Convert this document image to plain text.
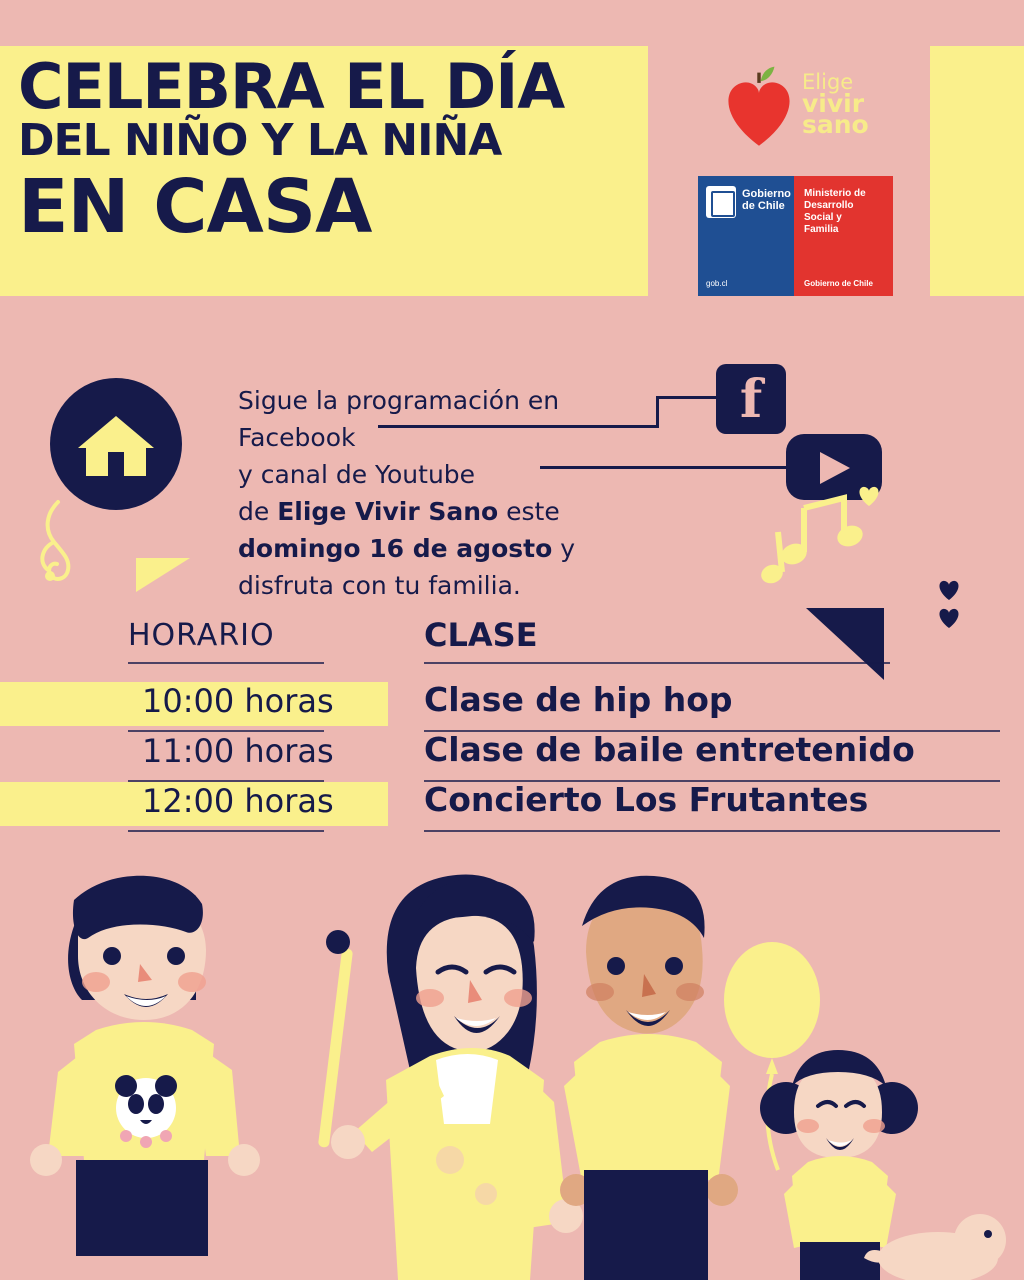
CELEBRA EL DÍA
DEL NIÑO Y LA NIÑA
EN CASA
Elige
vivir
sano
Gobierno
de Chile
gob.cl
Ministerio de
Desarrollo
Social y
Familia
Gobierno de Chile
Sigue la programación en
Facebook
y canal de Youtube
de Elige Vivir Sano este
domingo 16 de agosto y
disfruta con tu familia.
f
HORARIO	CLASE
10:00 horas	Clase de hip hop
11:00 horas	Clase de baile entretenido
12:00 horas	Concierto Los Frutantes
